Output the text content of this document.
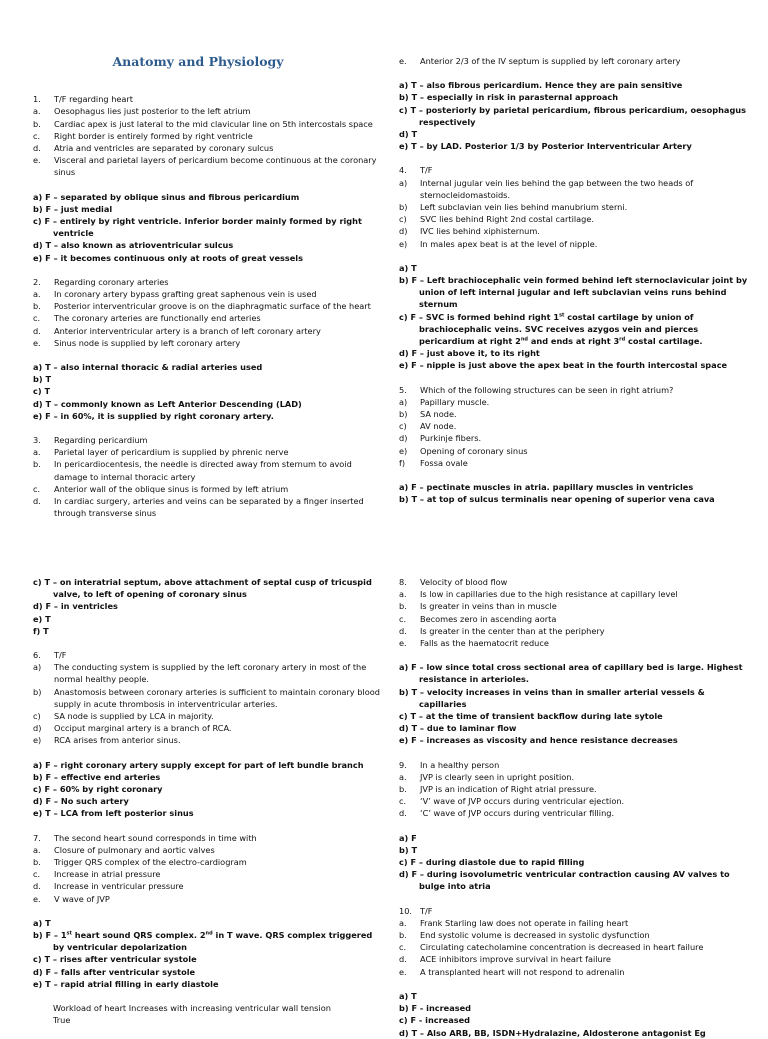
Anatomy and Physiology
1.	T/F regarding heart
a.	Oesophagus lies just posterior to the left atrium
b.	Cardiac apex is just lateral to the mid clavicular line on 5th intercostals space
c.	Right border is entirely formed by right ventricle
d.	Atria and ventricles are separated by coronary sulcus
e.	Visceral and parietal layers of pericardium become continuous at the coronary sinus
a) F – separated by oblique sinus and fibrous pericardium
b) F – just medial
c) F – entirely by right ventricle. Inferior border mainly formed by right ventricle
d) T – also known as atrioventricular sulcus
e) F – it becomes continuous only at roots of great vessels
2.	Regarding coronary arteries
a.	In coronary artery bypass grafting great saphenous vein is used
b.	Posterior interventricular groove is on the diaphragmatic surface of the heart
c.	The coronary arteries are functionally end arteries
d.	Anterior interventricular artery is a branch of left coronary artery
e.	Sinus node is supplied by left coronary artery
a) T – also internal thoracic & radial arteries used
b) T
c) T
d) T – commonly known as Left Anterior Descending (LAD)
e) F – in 60%, it is supplied by right coronary artery.
3.	Regarding pericardium
a.	Parietal layer of pericardium is supplied by phrenic nerve
b.	In pericardiocentesis, the needle is directed away from sternum to avoid damage to internal thoracic artery
c.	Anterior wall of the oblique sinus is formed by left atrium
d.	In cardiac surgery, arteries and veins can be separated by a finger inserted through transverse sinus
e.	Anterior 2/3 of the IV septum is supplied by left coronary artery
a) T – also fibrous pericardium. Hence they are pain sensitive
b) T – especially in risk in parasternal approach
c) T – posteriorly by parietal pericardium, fibrous pericardium, oesophagus respectively
d) T
e) T – by LAD. Posterior 1/3 by Posterior Interventricular Artery
4.	T/F
a)	Internal jugular vein lies behind the gap between the two heads of sternocleidomastoids.
b)	Left subclavian vein lies behind manubrium sterni.
c)	SVC lies behind Right 2nd costal cartilage.
d)	IVC lies behind xiphisternum.
e)	In males apex beat is at the level of nipple.
a) T
b) F – Left brachiocephalic vein formed behind left sternoclavicular joint by union of left internal jugular and left subclavian veins runs behind sternum
c) F – SVC is formed behind right 1st costal cartilage by union of brachiocephalic veins. SVC receives azygos vein and pierces pericardium at right 2nd and ends at right 3rd costal cartilage.
d) F – just above it, to its right
e) F – nipple is just above the apex beat in the fourth intercostal space
5.	Which of the following structures can be seen in right atrium?
a)	Papillary muscle.
b)	SA node.
c)	AV node.
d)	Purkinje fibers.
e)	Opening of coronary sinus
f)	Fossa ovale
a) F – pectinate muscles in atria. papillary muscles in ventricles
b) T – at top of sulcus terminalis near opening of superior vena cava
c) T – on interatrial septum, above attachment of septal cusp of tricuspid valve, to left of opening of coronary sinus
d) F – in ventricles
e) T
f) T
6.	T/F
a)	The conducting system is supplied by the left coronary artery in most of the normal healthy people.
b)	Anastomosis between coronary arteries is sufficient to maintain coronary blood supply in acute thrombosis in interventricular arteries.
c)	SA node is supplied by LCA in majority.
d)	Occiput marginal artery is a branch of RCA.
e)	RCA arises from anterior sinus.
a) F – right coronary artery supply except for part of left bundle branch
b) F – effective end arteries
c) F – 60% by right coronary
d) F – No such artery
e) T – LCA from left posterior sinus
7.	The second heart sound corresponds in time with
a.	Closure of pulmonary and aortic valves
b.	Trigger QRS complex of the electro-cardiogram
c.	Increase in atrial pressure
d.	Increase in ventricular pressure
e.	V wave of JVP
a) T
b) F – 1st heart sound QRS complex. 2nd in T wave. QRS complex triggered by ventricular depolarization
c) T – rises after ventricular systole
d) F – falls after ventricular systole
e) T – rapid atrial filling in early diastole
Workload of heart Increases with increasing ventricular wall tension
True
8.	Velocity of blood flow
a.	Is low in capillaries due to the high resistance at capillary level
b.	Is greater in veins than in muscle
c.	Becomes zero in ascending aorta
d.	Is greater in the center than at the periphery
e.	Falls as the haematocrit reduce
a) F – low since total cross sectional area of capillary bed is large. Highest resistance in arterioles.
b) T – velocity increases in veins than in smaller arterial vessels & capillaries
c) T – at the time of transient backflow during late sytole
d) T – due to laminar flow
e) F – increases as viscosity and hence resistance decreases
9.	In a healthy person
a.	JVP is clearly seen in upright position.
b.	JVP is an indication of Right atrial pressure.
c.	‘V’ wave of JVP occurs during ventricular ejection.
d.	‘C’ wave of JVP occurs during ventricular filling.
a) F
b) T
c) F – during diastole due to rapid filling
d) F – during isovolumetric ventricular contraction causing AV valves to bulge into atria
10. T/F
a.	Frank Starling law does not operate in failing heart
b.	End systolic volume is decreased in systolic dysfunction
c.	Circulating catecholamine concentration is decreased in heart failure
d.	ACE inhibitors improve survival in heart failure
e.	A transplanted heart will not respond to adrenalin
a) T
b) F - increased
c) F - increased
d) T – Also ARB, BB, ISDN+Hydralazine, Aldosterone antagonist Eg
